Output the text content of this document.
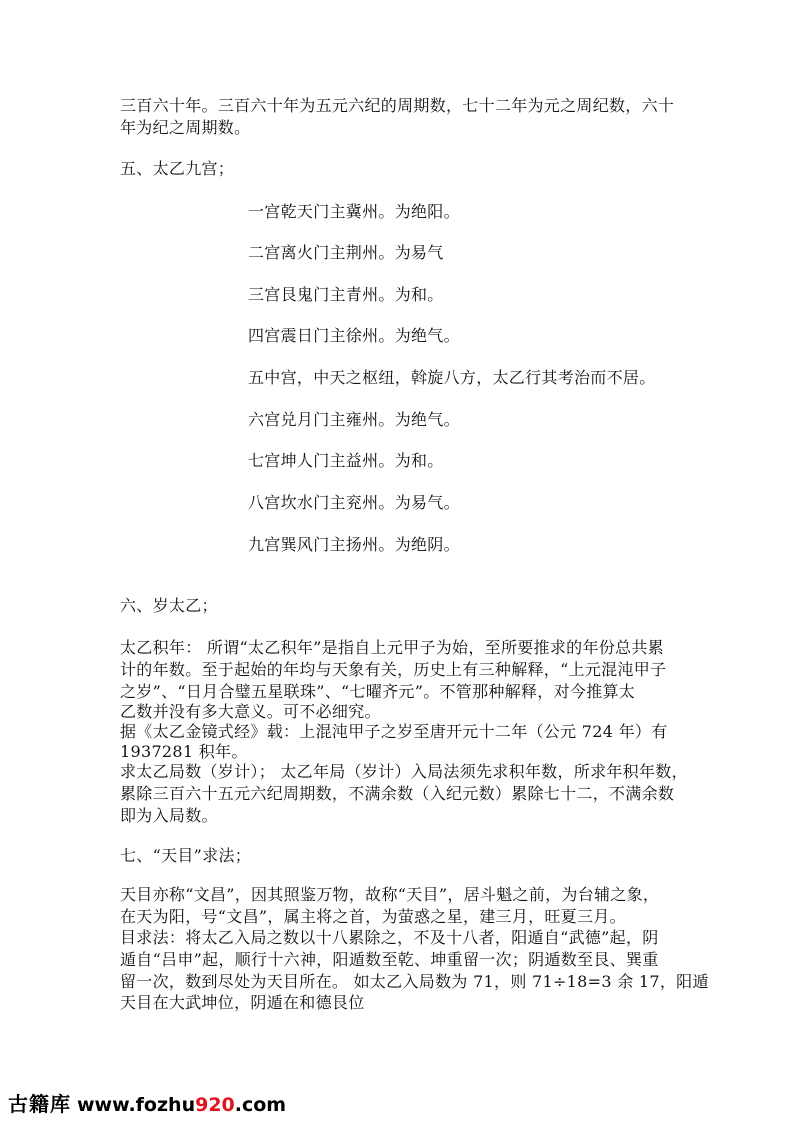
三百六十年。三百六十年为五元六纪的周期数，七十二年为元之周纪数，六十
年为纪之周期数。
五、太乙九宫；
一宫乾天门主冀州。为绝阳。
二宫离火门主荆州。为易气
三宫艮鬼门主青州。为和。
四宫震日门主徐州。为绝气。
五中宫，中天之枢纽，斡旋八方，太乙行其考治而不居。
六宫兑月门主雍州。为绝气。
七宫坤人门主益州。为和。
八宫坎水门主兖州。为易气。
九宫巽风门主扬州。为绝阴。
六、岁太乙；
太乙积年： 所谓“太乙积年”是指自上元甲子为始，至所要推求的年份总共累
计的年数。至于起始的年均与天象有关，历史上有三种解释，“上元混沌甲子
之岁”、“日月合璧五星联珠”、“七曜齐元”。不管那种解释，对今推算太
乙数并没有多大意义。可不必细究。
据《太乙金镜式经》载：上混沌甲子之岁至唐开元十二年（公元 724 年）有
1937281 积年。
求太乙局数（岁计）； 太乙年局（岁计）入局法须先求积年数，所求年积年数，
累除三百六十五元六纪周期数，不满余数（入纪元数）累除七十二，不满余数
即为入局数。
七、“天目”求法；
天目亦称“文昌”，因其照鉴万物，故称“天目”，居斗魁之前，为台辅之象，
在天为阳，号“文昌”，属主将之首，为萤惑之星，建三月，旺夏三月。
目求法：将太乙入局之数以十八累除之，不及十八者，阳遁自“武德”起，阴
遁自“吕申”起，顺行十六神，阳遁数至乾、坤重留一次；阴遁数至艮、巽重
留一次，数到尽处为天目所在。 如太乙入局数为 71，则 71÷18=3 余 17，阳遁
天目在大武坤位，阴遁在和德艮位
古籍库 www.fozhu920.com
